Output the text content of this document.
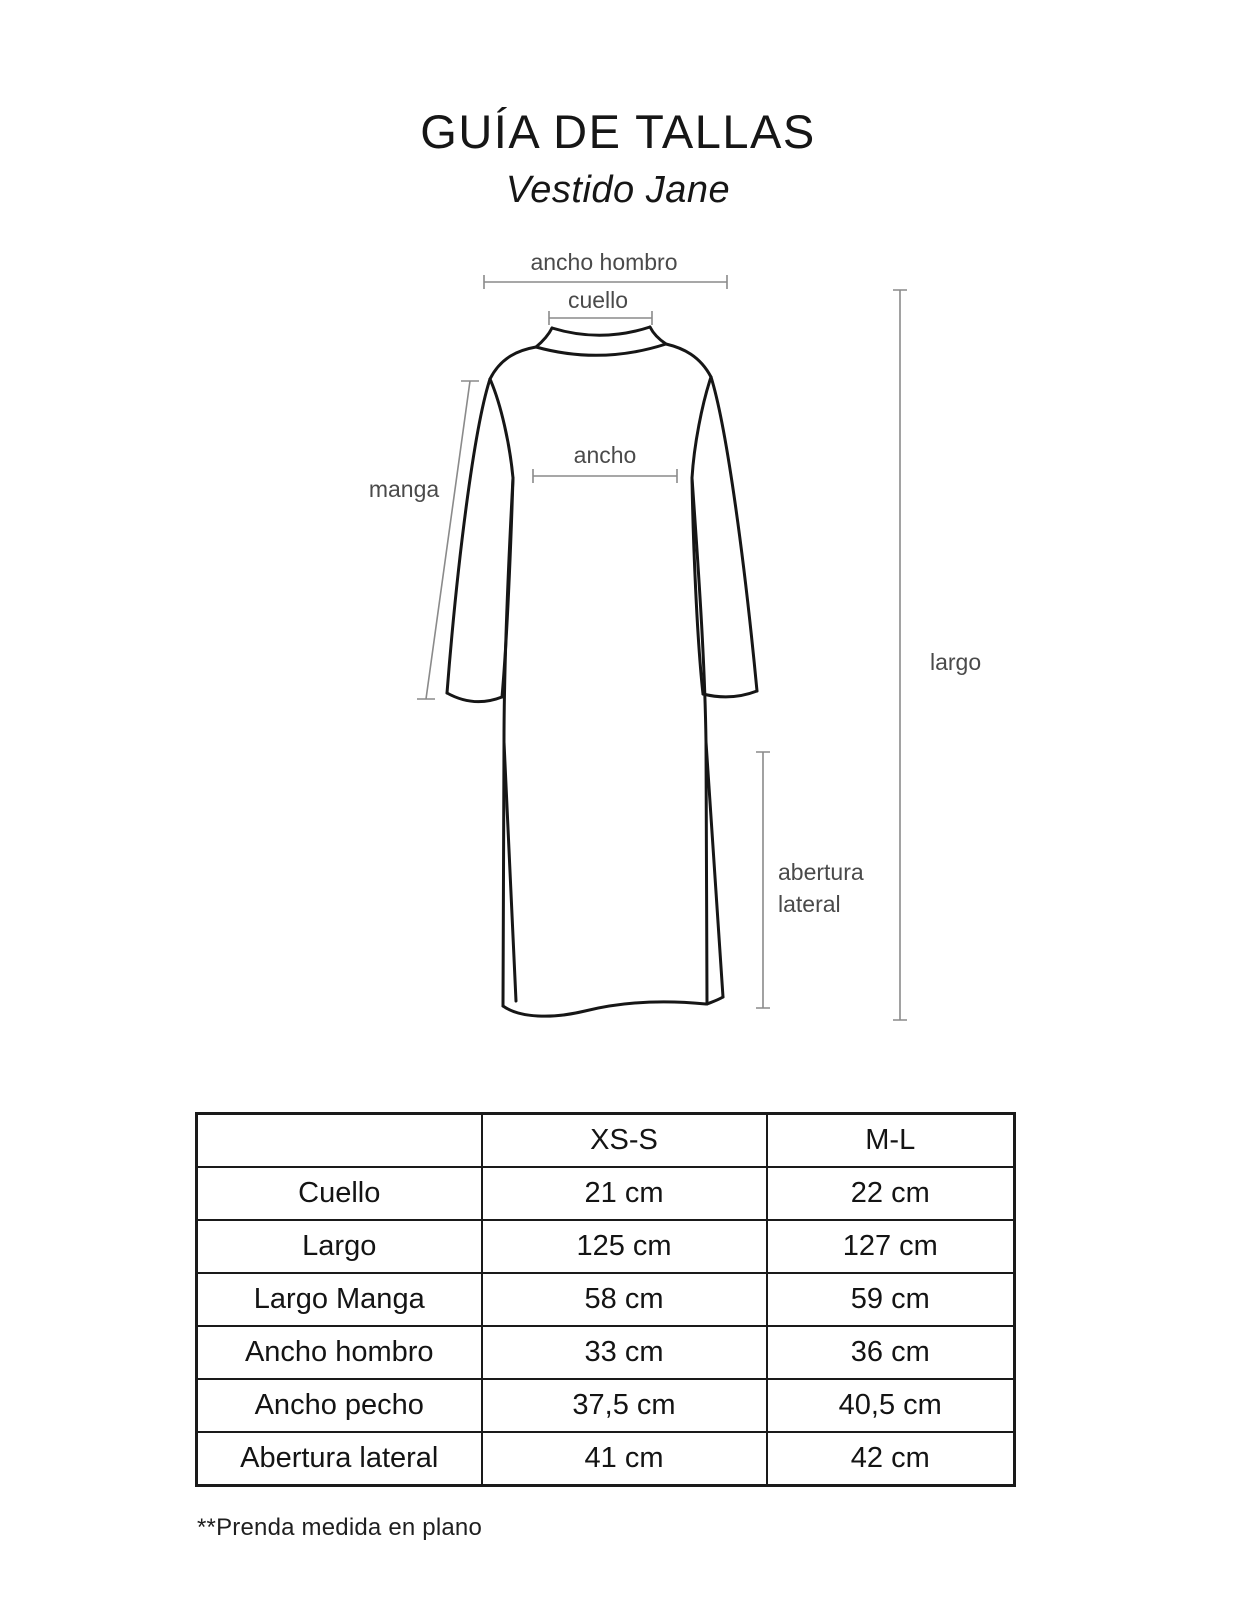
GUÍA DE TALLAS
Vestido Jane
ancho hombro
cuello
ancho
manga
largo
abertura
lateral
	XS-S	M-L
Cuello	21 cm	22 cm
Largo	125 cm	127 cm
Largo Manga	58 cm	59 cm
Ancho hombro	33 cm	36 cm
Ancho pecho	37,5 cm	40,5 cm
Abertura lateral	41 cm	42 cm

**Prenda medida en plano
